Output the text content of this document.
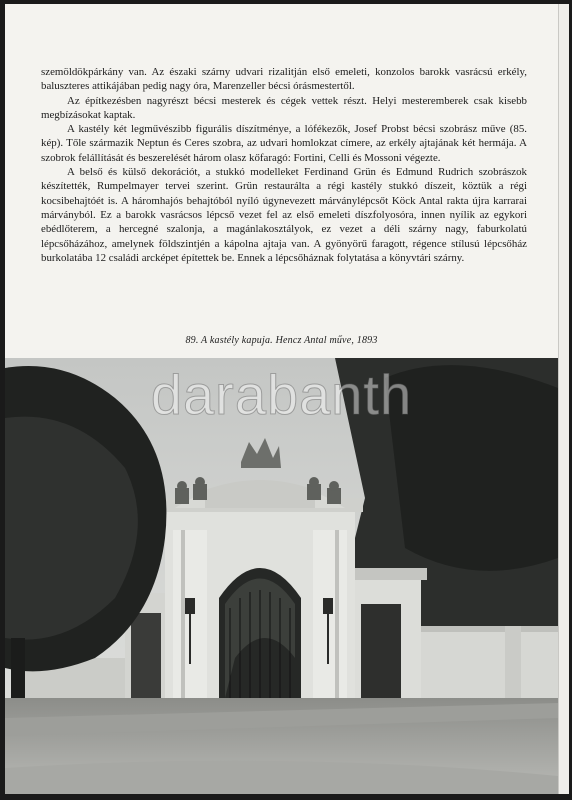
szemöldökpárkány van. Az északi szárny udvari rizalitján első emeleti, konzolos barokk vasrácsú erkély, baluszteres attikájában pedig nagy óra, Marenzeller bécsi órásmestertől.

Az építkezésben nagyrészt bécsi mesterek és cégek vettek részt. Helyi mesteremberek csak kisebb megbízásokat kaptak.

A kastély két legművészibb figurális díszítménye, a lófékezők, Josef Probst bécsi szobrász műve (85. kép). Tőle származik Neptun és Ceres szobra, az udvari homlokzat címere, az erkély ajtajának két hermája. A szobrok felállítását és beszerelését három olasz kőfaragó: Fortini, Celli és Mossoni végezte.

A belső és külső dekorációt, a stukkó modelleket Ferdinand Grün és Edmund Rudrich szobrászok készítették, Rumpelmayer tervei szerint. Grün restaurálta a régi kastély stukkó díszeit, köztük a régi kocsibehajtóét is. A háromhajós behajtóból nyíló úgynevezett márványlépcsőt Köck Antal rakta újra karrarai márványból. Ez a barokk vasrácsos lépcső vezet fel az első emeleti díszfolyosóra, innen nyílik az egykori ebédlőterem, a hercegné szalonja, a magánlakosztályok, ez vezet a déli szárny nagy, faburkolatú lépcsőházához, amelynek földszintjén a kápolna ajtaja van. A gyönyörű faragott, régence stílusú lépcsőház burkolatába 12 családi arcképet építettek be. Ennek a lépcsőháznak folytatása a könyvtári szárny.

89. A kastély kapuja. Hencz Antal műve, 1893
darabanth
